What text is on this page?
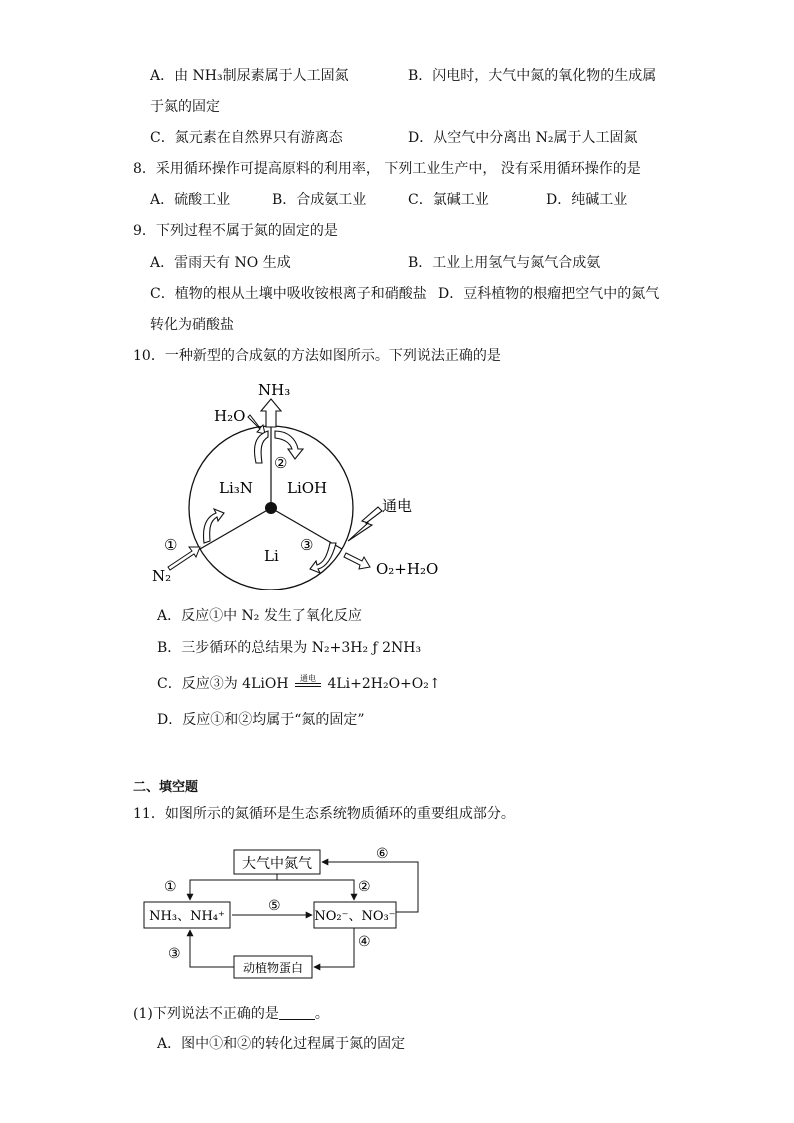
A．由 NH₃制尿素属于人工固氮	B．闪电时，大气中氮的氧化物的生成属
于氮的固定
C．氮元素在自然界只有游离态	D．从空气中分离出 N₂属于人工固氮
8．采用循环操作可提高原料的利用率， 下列工业生产中， 没有采用循环操作的是
A．硫酸工业	B．合成氨工业	C．氯碱工业	D．纯碱工业
9．下列过程不属于氮的固定的是
A．雷雨天有 NO 生成	B．工业上用氢气与氮气合成氨
C．植物的根从土壤中吸收铵根离子和硝酸盐 D．豆科植物的根瘤把空气中的氮气
转化为硝酸盐
10．一种新型的合成氨的方法如图所示。下列说法正确的是
NH₃
H₂O
②
Li₃N LiOH
Li
①
N₂
③
O₂+H₂O
通电
A．反应①中 N₂ 发生了氧化反应
B．三步循环的总结果为 N₂+3H₂ ƒ 2NH₃
C．反应③为 4LiOH	通电 4Li+2H₂O+O₂↑
D．反应①和②均属于“氮的固定”
二、填空题
11．如图所示的氮循环是生态系统物质循环的重要组成部分。
大气中氮气
NH₃、NH₄⁺	NO₂⁻、NO₃⁻
动植物蛋白
①	②
⑤
⑥
④
③
(1)下列说法不正确的是	。
A．图中①和②的转化过程属于氮的固定
